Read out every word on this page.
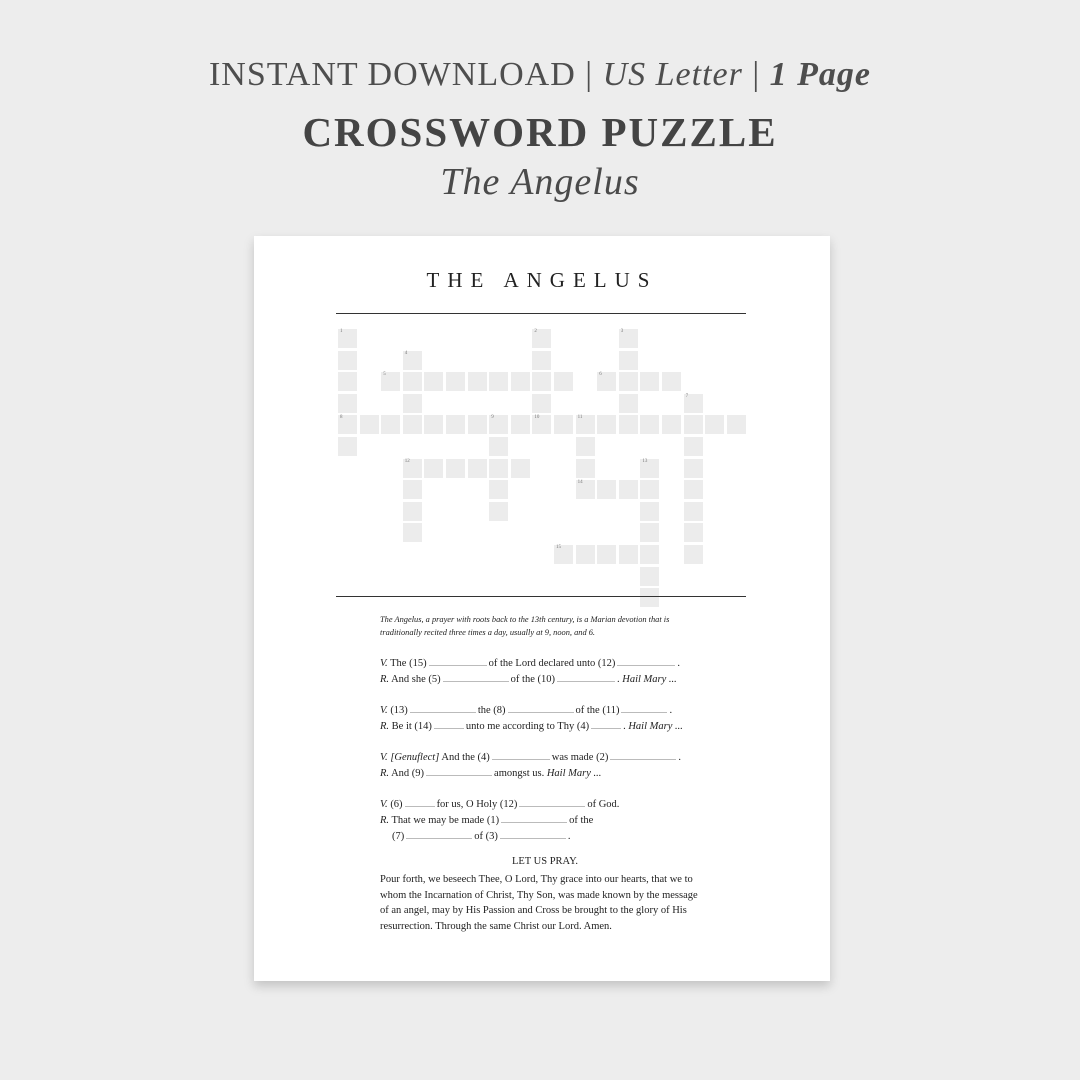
INSTANT DOWNLOAD | US Letter | 1 Page
CROSSWORD PUZZLE
The Angelus
THE ANGELUS
1
8
2
10
3
4
5	6
7
9	11
12	13
14
15
The Angelus, a prayer with roots back to the 13th century, is a Marian devotion that is traditionally recited three times a day, usually at 9, noon, and 6.
V. The (15)	of the Lord declared unto (12)	.
R. And she (5)	of the (10)	. Hail Mary ...
V. (13)	the (8)	of the (11)	.
R. Be it (14)	unto me according to Thy (4)	. Hail Mary ...
V. [Genuflect] And the (4)	was made (2)	.
R. And (9)	amongst us. Hail Mary ...
V. (6)	for us, O Holy (12)	of God.
R. That we may be made (1)	of the
(7)	of (3)	.
LET US PRAY.
Pour forth, we beseech Thee, O Lord, Thy grace into our hearts, that we to whom the Incarnation of Christ, Thy Son, was made known by the message of an angel, may by His Passion and Cross be brought to the glory of His resurrection. Through the same Christ our Lord. Amen.
